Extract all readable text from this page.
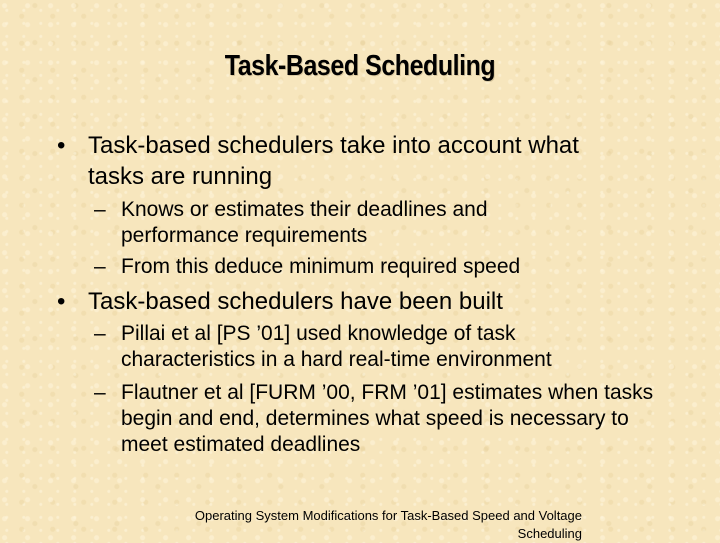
Task-Based Scheduling
• Task-based schedulers take into account what tasks are running
– Knows or estimates their deadlines and performance requirements
– From this deduce minimum required speed
• Task-based schedulers have been built
– Pillai et al [PS ’01] used knowledge of task characteristics in a hard real-time environment
– Flautner et al [FURM ’00, FRM ’01] estimates when tasks begin and end, determines what speed is necessary to meet estimated deadlines
Operating System Modifications for Task-Based Speed and Voltage Scheduling
